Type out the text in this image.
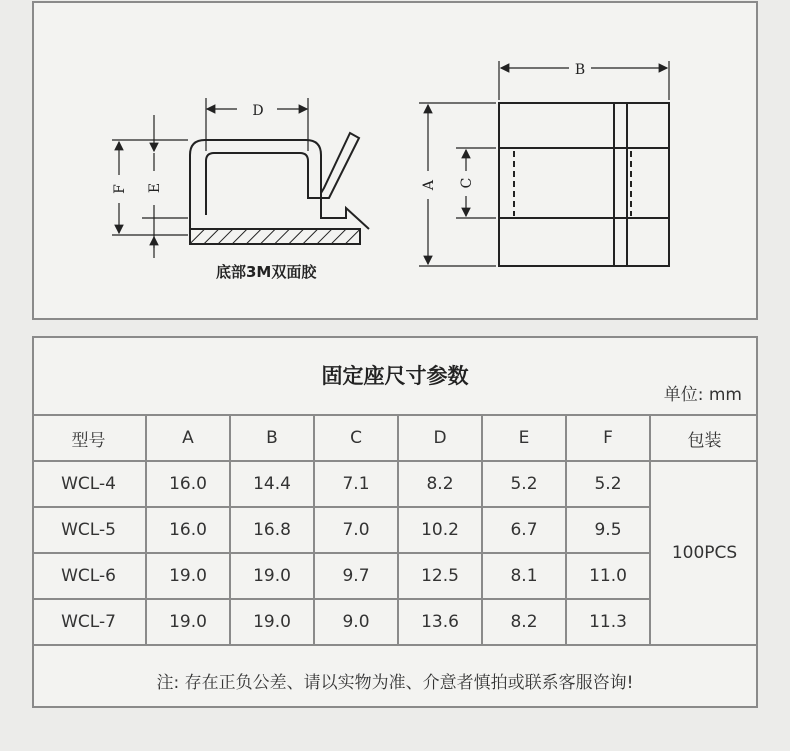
D
F E
B
A C
底部3M双面胶
固定座尺寸参数
单位: mm
型号	A	B	C	D	E	F	包装
WCL-4	16.0	14.4	7.1	8.2	5.2	5.2	100PCS
WCL-5	16.0	16.8	7.0	10.2	6.7	9.5	
WCL-6	19.0	19.0	9.7	12.5	8.1	11.0	
WCL-7	19.0	19.0	9.0	13.6	8.2	11.3	
注: 存在正负公差、请以实物为准、介意者慎拍或联系客服咨询!
